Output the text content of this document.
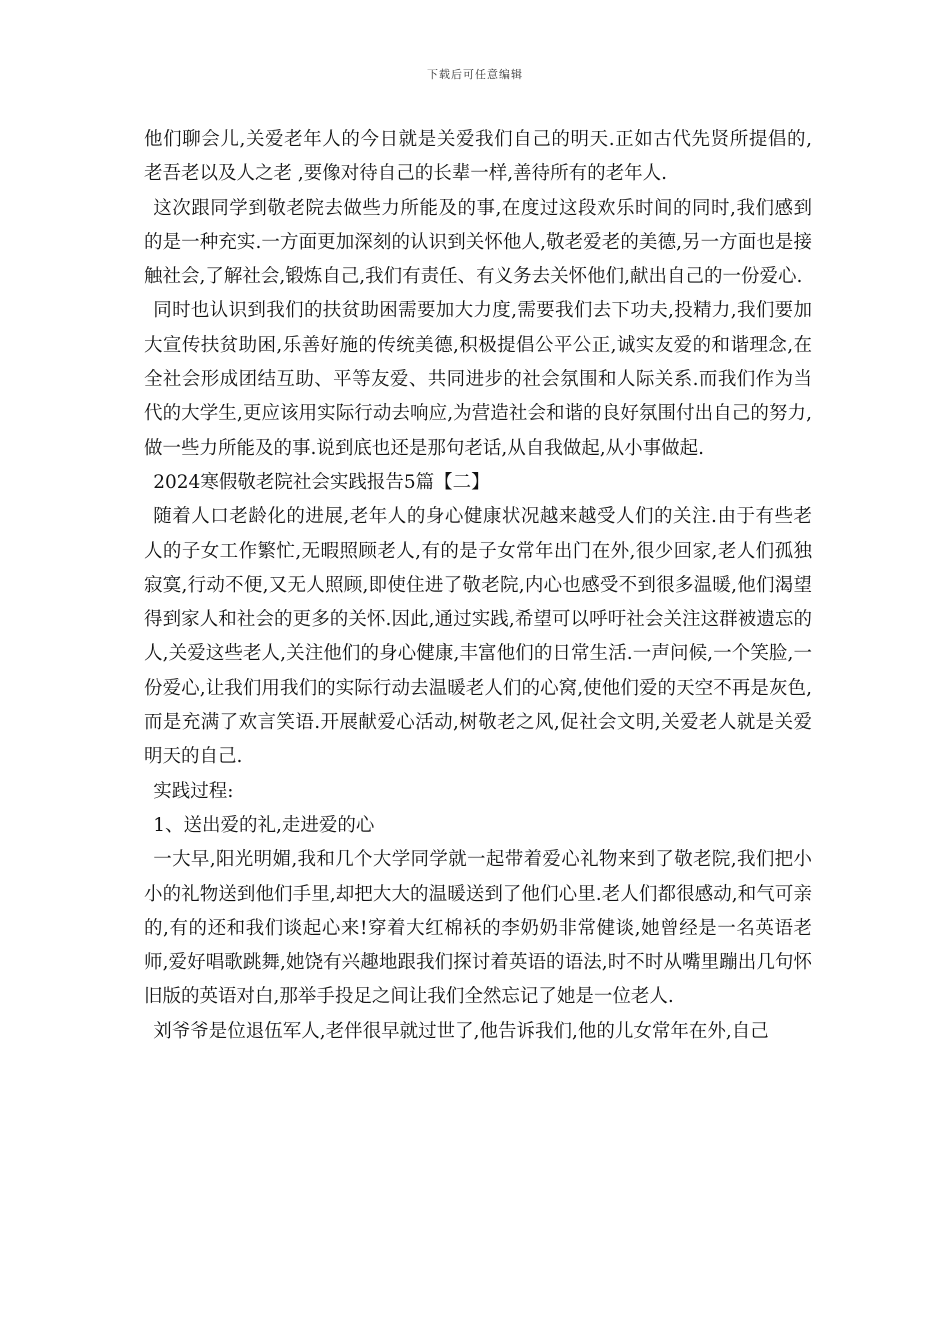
下载后可任意编辑

他们聊会儿,关爱老年人的今日就是关爱我们自己的明天.正如古代先贤所提倡的, 老吾老以及人之老 ,要像对待自己的长辈一样,善待所有的老年人.

这次跟同学到敬老院去做些力所能及的事,在度过这段欢乐时间的同时,我们感到的是一种充实.一方面更加深刻的认识到关怀他人,敬老爱老的美德,另一方面也是接触社会,了解社会,锻炼自己,我们有责任、有义务去关怀他们,献出自己的一份爱心.

同时也认识到我们的扶贫助困需要加大力度,需要我们去下功夫,投精力,我们要加大宣传扶贫助困,乐善好施的传统美德,积极提倡公平公正,诚实友爱的和谐理念,在全社会形成团结互助、平等友爱、共同进步的社会氛围和人际关系.而我们作为当代的大学生,更应该用实际行动去响应,为营造社会和谐的良好氛围付出自己的努力,做一些力所能及的事.说到底也还是那句老话,从自我做起,从小事做起.

2024寒假敬老院社会实践报告5篇【二】

随着人口老龄化的进展,老年人的身心健康状况越来越受人们的关注.由于有些老人的子女工作繁忙,无暇照顾老人,有的是子女常年出门在外,很少回家,老人们孤独寂寞,行动不便,又无人照顾,即使住进了敬老院,内心也感受不到很多温暖,他们渴望得到家人和社会的更多的关怀.因此,通过实践,希望可以呼吁社会关注这群被遗忘的人,关爱这些老人,关注他们的身心健康,丰富他们的日常生活.一声问候,一个笑脸,一份爱心,让我们用我们的实际行动去温暖老人们的心窝,使他们爱的天空不再是灰色,而是充满了欢言笑语.开展献爱心活动,树敬老之风,促社会文明,关爱老人就是关爱明天的自己.

实践过程:

1、送出爱的礼,走进爱的心

一大早,阳光明媚,我和几个大学同学就一起带着爱心礼物来到了敬老院,我们把小小的礼物送到他们手里,却把大大的温暖送到了他们心里.老人们都很感动,和气可亲的,有的还和我们谈起心来!穿着大红棉袄的李奶奶非常健谈,她曾经是一名英语老师,爱好唱歌跳舞,她饶有兴趣地跟我们探讨着英语的语法,时不时从嘴里蹦出几句怀旧版的英语对白,那举手投足之间让我们全然忘记了她是一位老人.

刘爷爷是位退伍军人,老伴很早就过世了,他告诉我们,他的儿女常年在外,自己
